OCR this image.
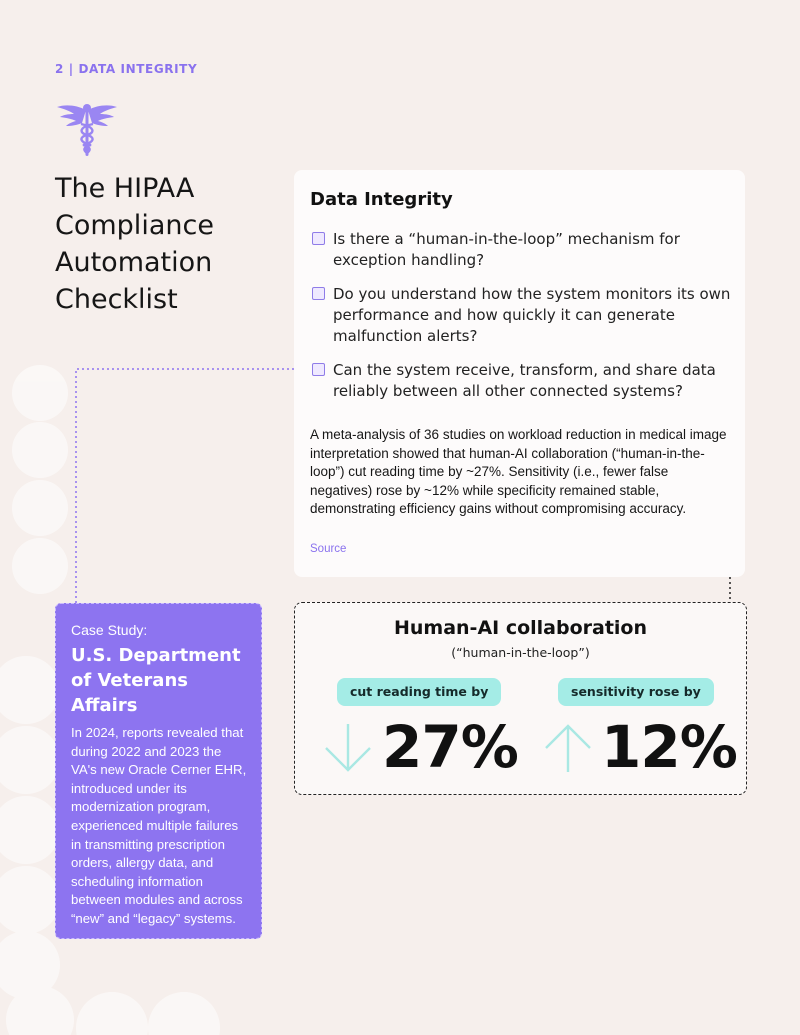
2 | DATA INTEGRITY
The HIPAA Compliance Automation Checklist
Data Integrity
Is there a “human-in-the-loop” mechanism for exception handling?
Do you understand how the system monitors its own performance and how quickly it can generate malfunction alerts?
Can the system receive, transform, and share data reliably between all other connected systems?
A meta-analysis of 36 studies on workload reduction in medical image interpretation showed that human-AI collaboration (“human-in-the-loop”) cut reading time by ~27%. Sensitivity (i.e., fewer false negatives) rose by ~12% while specificity remained stable, demonstrating efficiency gains without compromising accuracy.
Source
Case Study:
U.S. Department of Veterans Affairs
In 2024, reports revealed that during 2022 and 2023 the VA's new Oracle Cerner EHR, introduced under its modernization program, experienced multiple failures in transmitting prescription orders, allergy data, and scheduling information between modules and across “new” and “legacy” systems.
Human-AI collaboration
(“human-in-the-loop”)
cut reading time by
27%
sensitivity rose by
12%
